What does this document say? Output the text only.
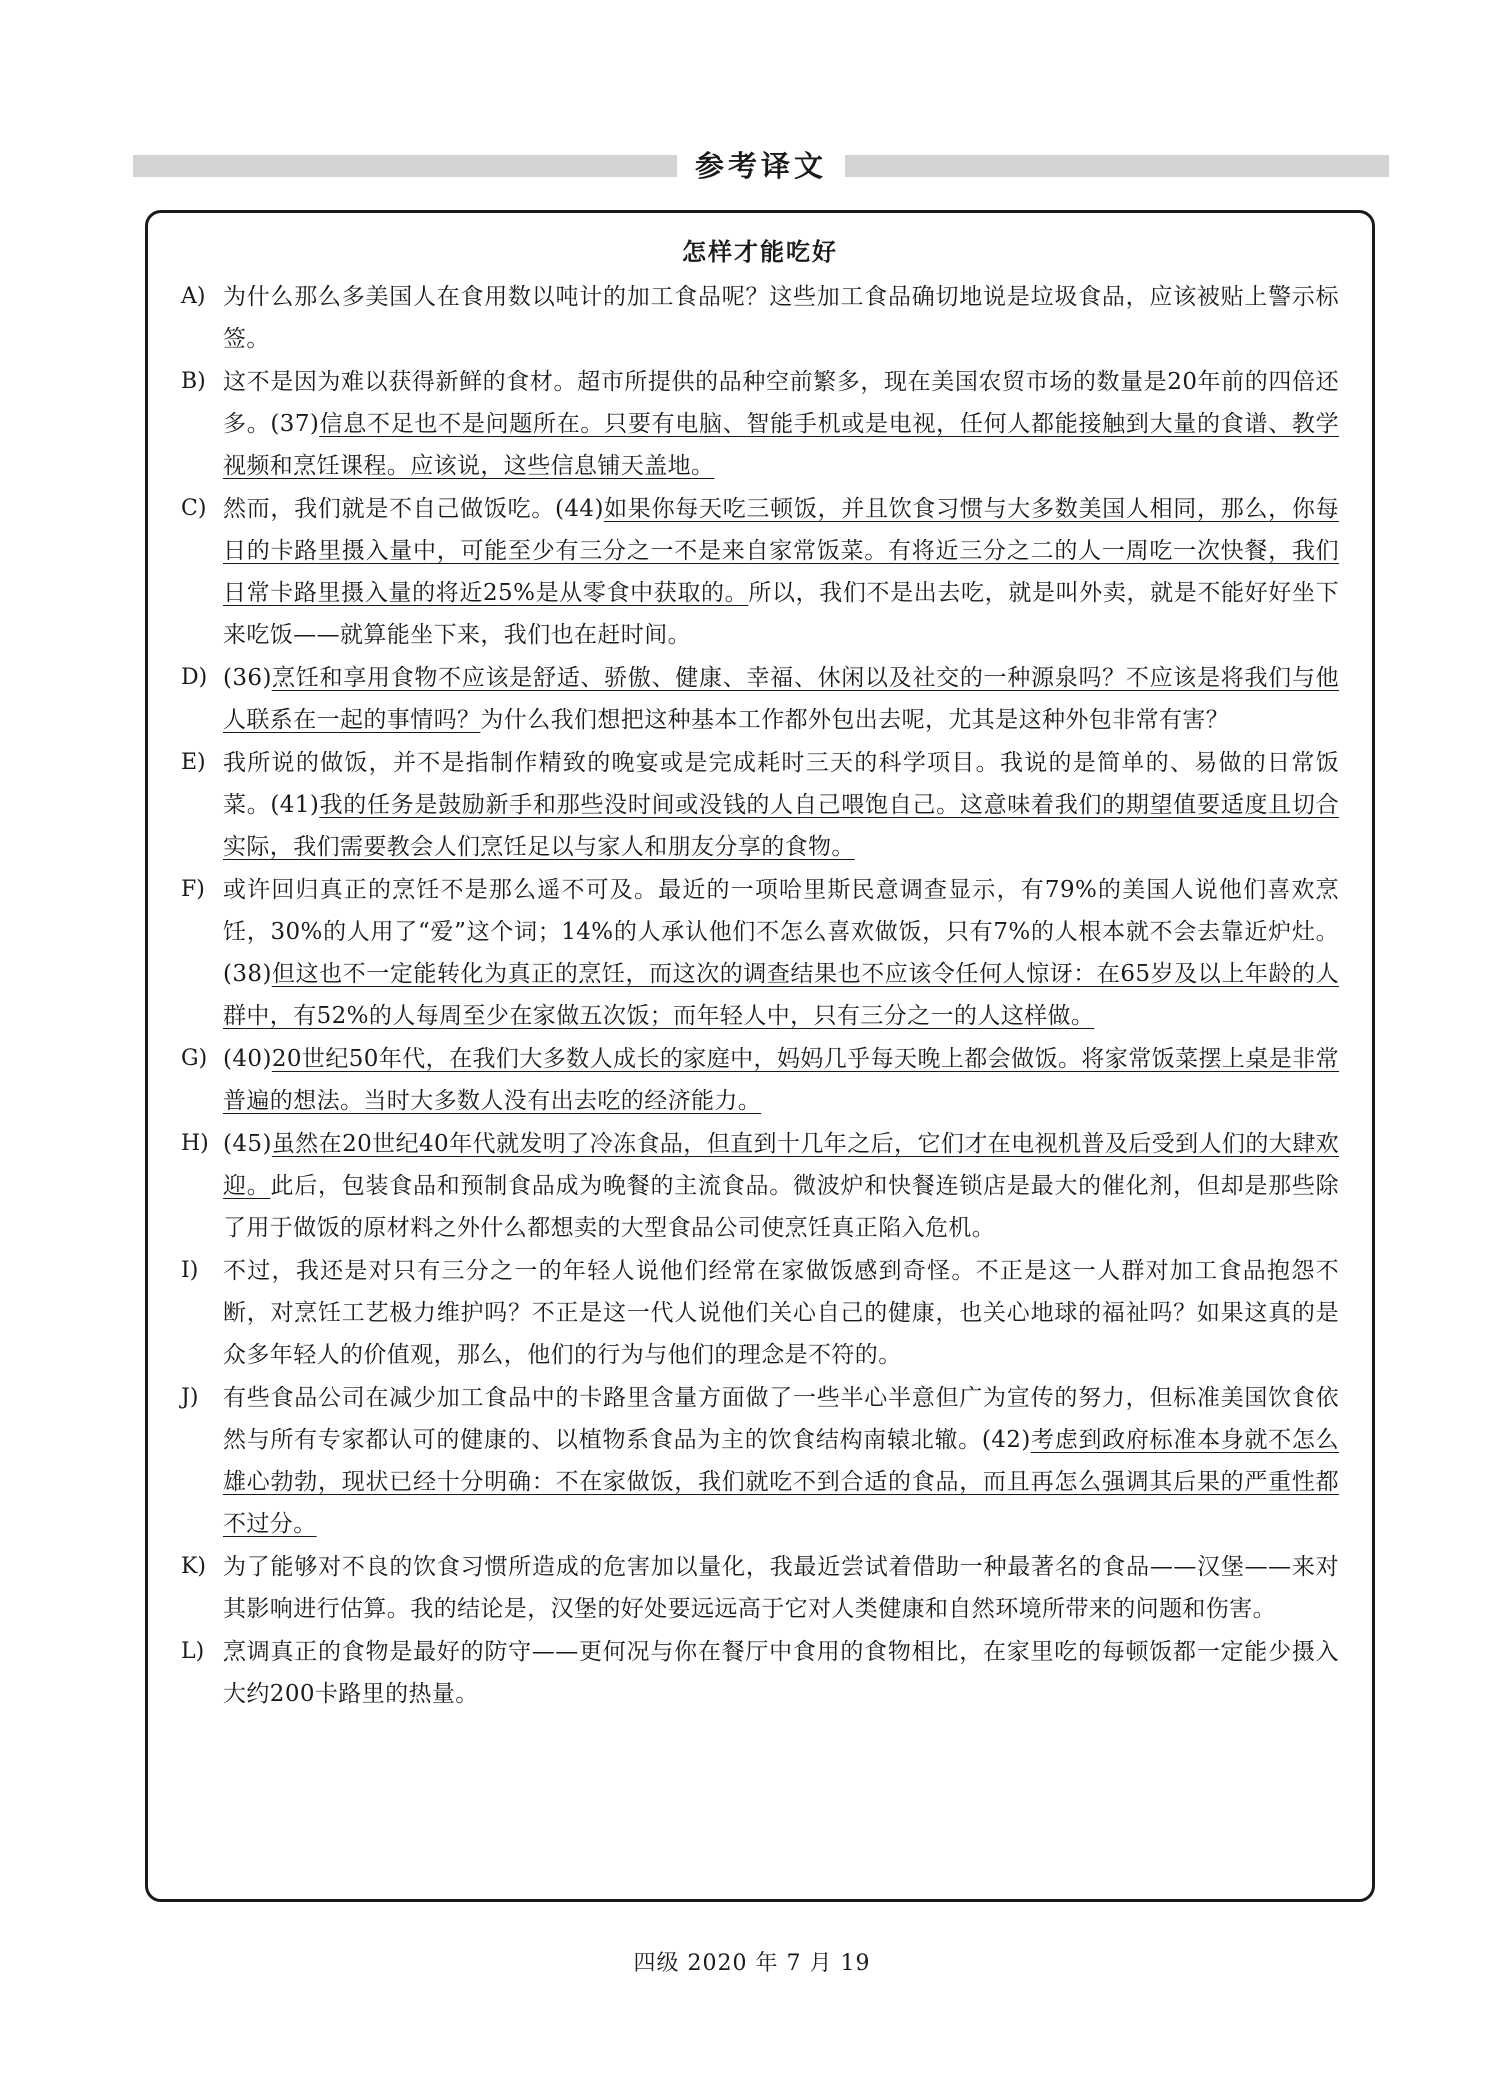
参考译文
怎样才能吃好
A) 为什么那么多美国人在食用数以吨计的加工食品呢？这些加工食品确切地说是垃圾食品，应该被贴上警示标签。
B) 这不是因为难以获得新鲜的食材。超市所提供的品种空前繁多，现在美国农贸市场的数量是20年前的四倍还多。(37)信息不足也不是问题所在。只要有电脑、智能手机或是电视，任何人都能接触到大量的食谱、教学视频和烹饪课程。应该说，这些信息铺天盖地。
C) 然而，我们就是不自己做饭吃。(44)如果你每天吃三顿饭，并且饮食习惯与大多数美国人相同，那么，你每日的卡路里摄入量中，可能至少有三分之一不是来自家常饭菜。有将近三分之二的人一周吃一次快餐，我们日常卡路里摄入量的将近25%是从零食中获取的。所以，我们不是出去吃，就是叫外卖，就是不能好好坐下来吃饭——就算能坐下来，我们也在赶时间。
D) (36)烹饪和享用食物不应该是舒适、骄傲、健康、幸福、休闲以及社交的一种源泉吗？不应该是将我们与他人联系在一起的事情吗？为什么我们想把这种基本工作都外包出去呢，尤其是这种外包非常有害？
E) 我所说的做饭，并不是指制作精致的晚宴或是完成耗时三天的科学项目。我说的是简单的、易做的日常饭菜。(41)我的任务是鼓励新手和那些没时间或没钱的人自己喂饱自己。这意味着我们的期望值要适度且切合实际，我们需要教会人们烹饪足以与家人和朋友分享的食物。
F) 或许回归真正的烹饪不是那么遥不可及。最近的一项哈里斯民意调查显示，有79%的美国人说他们喜欢烹饪，30%的人用了“爱”这个词；14%的人承认他们不怎么喜欢做饭，只有7%的人根本就不会去靠近炉灶。(38)但这也不一定能转化为真正的烹饪，而这次的调查结果也不应该令任何人惊讶：在65岁及以上年龄的人群中，有52%的人每周至少在家做五次饭；而年轻人中，只有三分之一的人这样做。
G) (40)20世纪50年代，在我们大多数人成长的家庭中，妈妈几乎每天晚上都会做饭。将家常饭菜摆上桌是非常普遍的想法。当时大多数人没有出去吃的经济能力。
H) (45)虽然在20世纪40年代就发明了冷冻食品，但直到十几年之后，它们才在电视机普及后受到人们的大肆欢迎。此后，包装食品和预制食品成为晚餐的主流食品。微波炉和快餐连锁店是最大的催化剂，但却是那些除了用于做饭的原材料之外什么都想卖的大型食品公司使烹饪真正陷入危机。
I)	不过，我还是对只有三分之一的年轻人说他们经常在家做饭感到奇怪。不正是这一人群对加工食品抱怨不断，对烹饪工艺极力维护吗？不正是这一代人说他们关心自己的健康，也关心地球的福祉吗？如果这真的是众多年轻人的价值观，那么，他们的行为与他们的理念是不符的。
J)	有些食品公司在减少加工食品中的卡路里含量方面做了一些半心半意但广为宣传的努力，但标准美国饮食依然与所有专家都认可的健康的、以植物系食品为主的饮食结构南辕北辙。(42)考虑到政府标准本身就不怎么雄心勃勃，现状已经十分明确：不在家做饭，我们就吃不到合适的食品，而且再怎么强调其后果的严重性都不过分。
K) 为了能够对不良的饮食习惯所造成的危害加以量化，我最近尝试着借助一种最著名的食品——汉堡——来对其影响进行估算。我的结论是，汉堡的好处要远远高于它对人类健康和自然环境所带来的问题和伤害。
L) 烹调真正的食物是最好的防守——更何况与你在餐厅中食用的食物相比，在家里吃的每顿饭都一定能少摄入大约200卡路里的热量。
四级 2020 年 7 月 19
